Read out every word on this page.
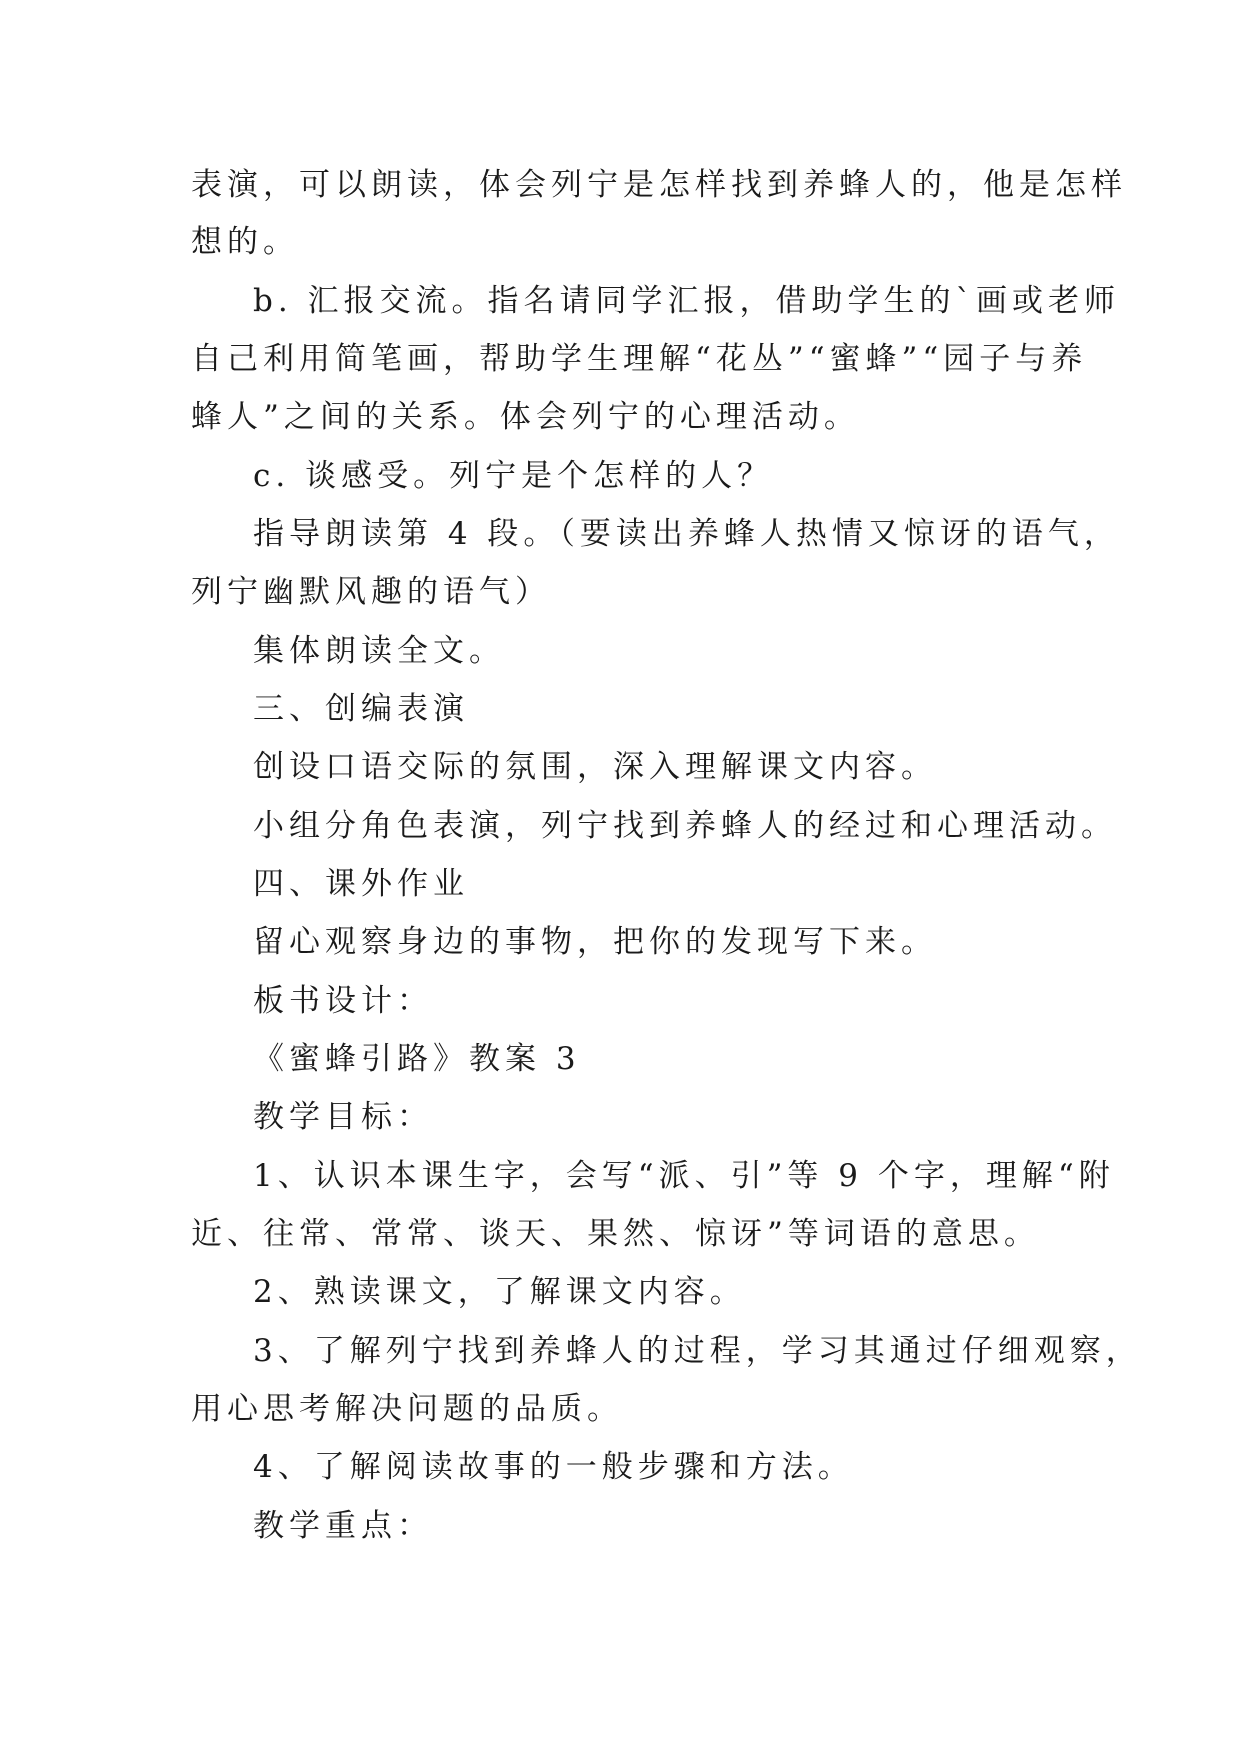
表演，可以朗读，体会列宁是怎样找到养蜂人的，他是怎样
想的。
b. 汇报交流。指名请同学汇报，借助学生的`画或老师
自己利用简笔画，帮助学生理解“花丛”“蜜蜂”“园子与养
蜂人”之间的关系。体会列宁的心理活动。
c. 谈感受。列宁是个怎样的人？
指导朗读第 4 段。（要读出养蜂人热情又惊讶的语气，
列宁幽默风趣的语气）
集体朗读全文。
三、创编表演
创设口语交际的氛围，深入理解课文内容。
小组分角色表演，列宁找到养蜂人的经过和心理活动。
四、课外作业
留心观察身边的事物，把你的发现写下来。
板书设计：
《蜜蜂引路》教案 3
教学目标：
1、认识本课生字，会写“派、引”等 9 个字，理解“附
近、往常、常常、谈天、果然、惊讶”等词语的意思。
2、熟读课文，了解课文内容。
3、了解列宁找到养蜂人的过程，学习其通过仔细观察，
用心思考解决问题的品质。
4、了解阅读故事的一般步骤和方法。
教学重点：
